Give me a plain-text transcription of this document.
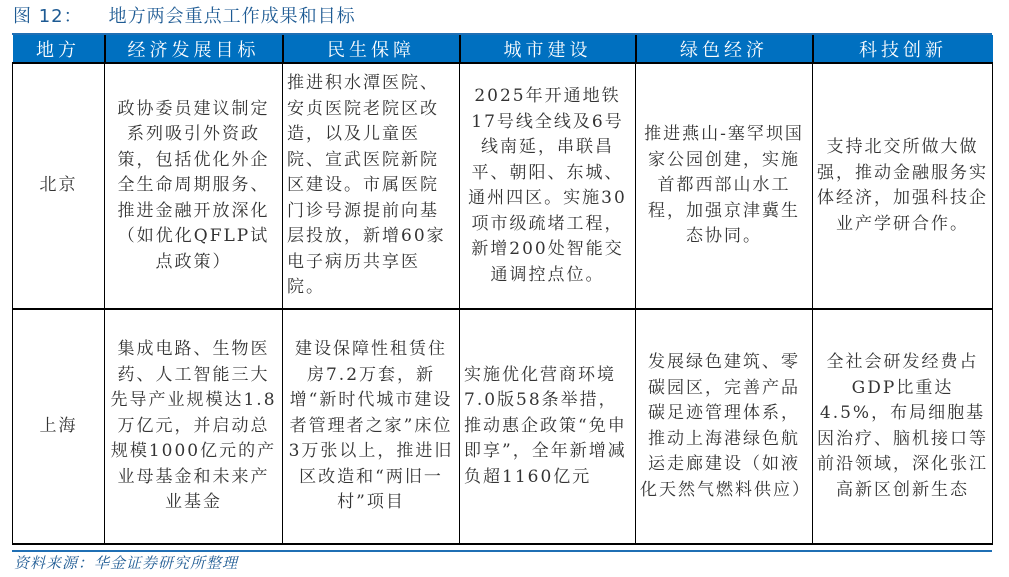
图 12： 地方两会重点工作成果和目标
地方	经济发展目标	民生保障	城市建设	绿色经济	科技创新
北京	政协委员建议制定系列吸引外资政策，包括优化外企全生命周期服务、推进金融开放深化（如优化QFLP试点政策）	推进积水潭医院、安贞医院老院区改造，以及儿童医院、宣武医院新院区建设。市属医院门诊号源提前向基层投放，新增60家电子病历共享医院。	2025年开通地铁17号线全线及6号线南延，串联昌平、朝阳、东城、通州四区。实施30项市级疏堵工程，新增200处智能交通调控点位。	推进燕山-塞罕坝国家公园创建，实施首都西部山水工程，加强京津冀生态协同。	支持北交所做大做强，推动金融服务实体经济，加强科技企业产学研合作。
上海	集成电路、生物医药、人工智能三大先导产业规模达1.8万亿元，并启动总规模1000亿元的产业母基金和未来产业基金	建设保障性租赁住房7.2万套，新增“新时代城市建设者管理者之家”床位3万张以上，推进旧区改造和“两旧一村”项目	实施优化营商环境7.0版58条举措，推动惠企政策“免申即享”，全年新增减负超1160亿元	发展绿色建筑、零碳园区，完善产品碳足迹管理体系，推动上海港绿色航运走廊建设（如液化天然气燃料供应）	全社会研发经费占GDP比重达4.5%，布局细胞基因治疗、脑机接口等前沿领域，深化张江高新区创新生态
资料来源：华金证券研究所整理
